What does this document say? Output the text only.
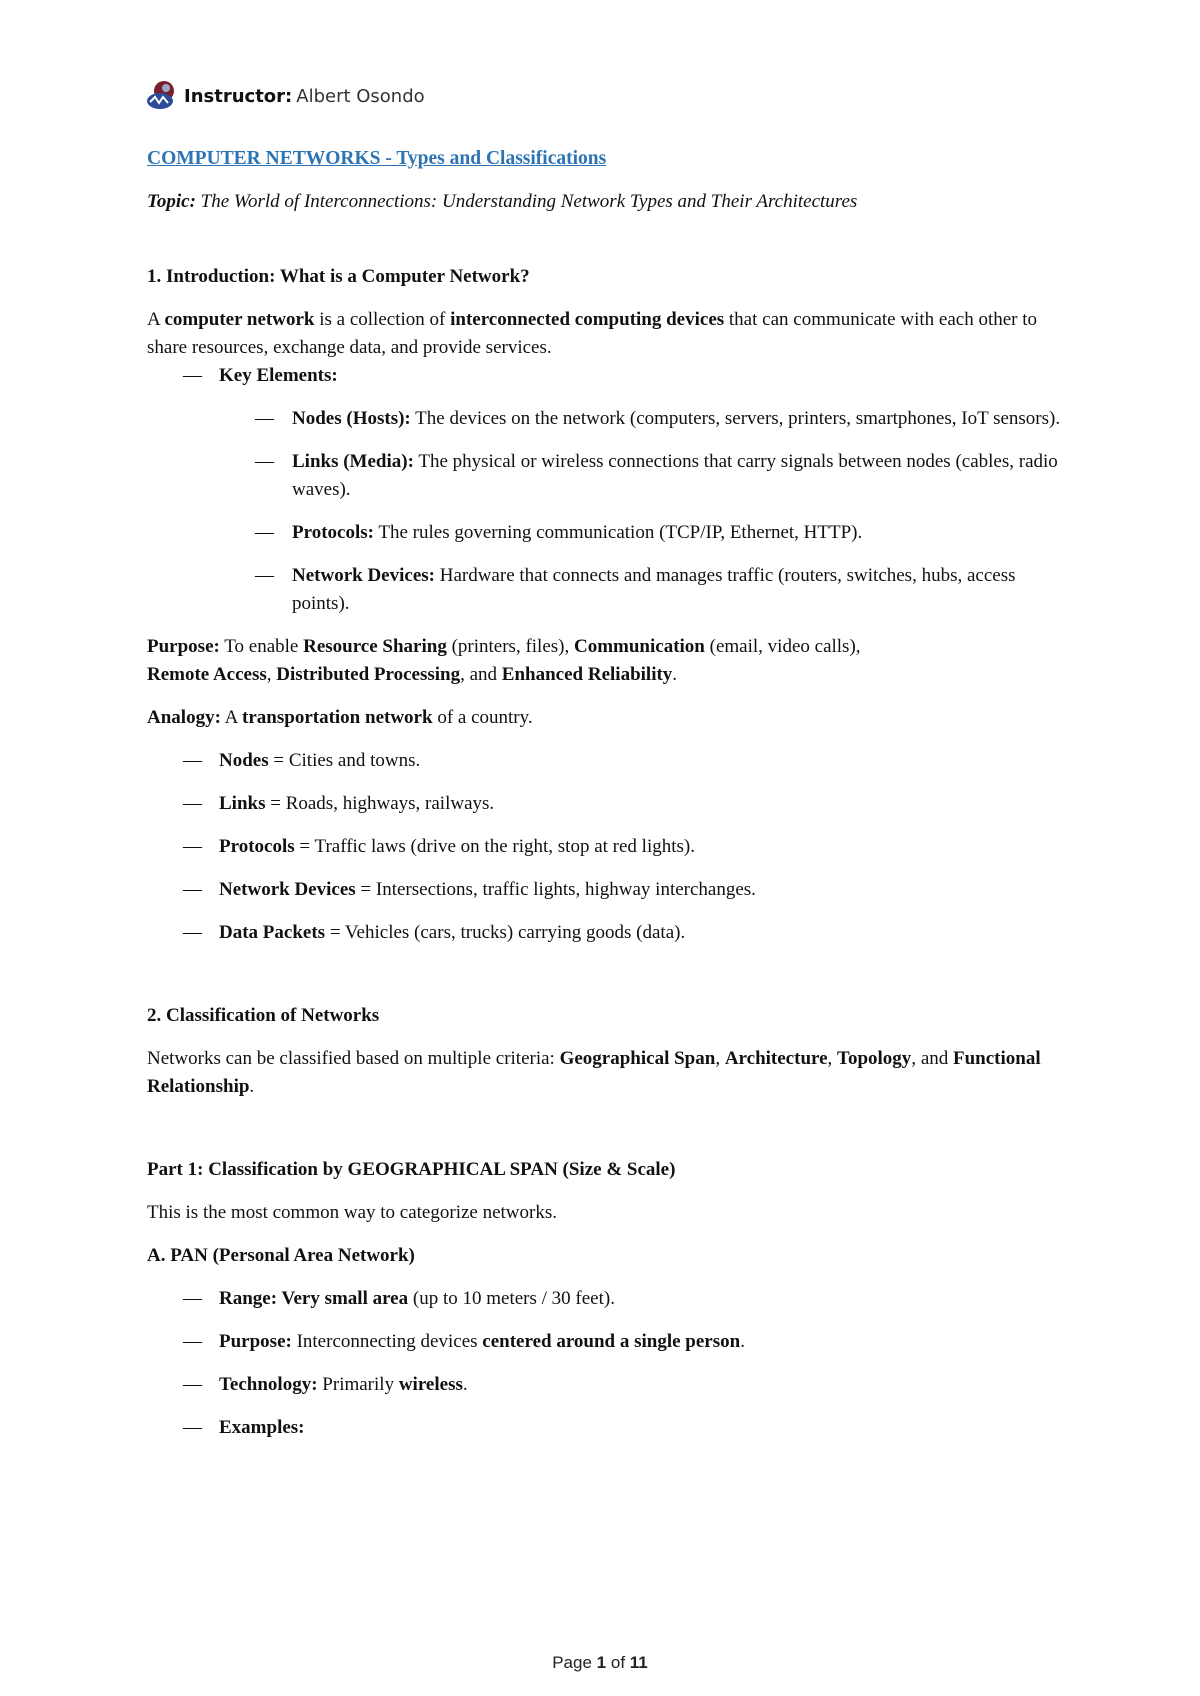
Instructor: Albert Osondo

COMPUTER NETWORKS - Types and Classifications

Topic: The World of Interconnections: Understanding Network Types and Their Architectures

1. Introduction: What is a Computer Network?

A computer network is a collection of interconnected computing devices that can communicate with each other to share resources, exchange data, and provide services.

— Key Elements:
— Nodes (Hosts): The devices on the network (computers, servers, printers, smartphones, IoT sensors).
— Links (Media): The physical or wireless connections that carry signals between nodes (cables, radio waves).
— Protocols: The rules governing communication (TCP/IP, Ethernet, HTTP).
— Network Devices: Hardware that connects and manages traffic (routers, switches, hubs, access points).

Purpose: To enable Resource Sharing (printers, files), Communication (email, video calls), Remote Access, Distributed Processing, and Enhanced Reliability.

Analogy: A transportation network of a country.

— Nodes = Cities and towns.
— Links = Roads, highways, railways.
— Protocols = Traffic laws (drive on the right, stop at red lights).
— Network Devices = Intersections, traffic lights, highway interchanges.
— Data Packets = Vehicles (cars, trucks) carrying goods (data).
2. Classification of Networks

Networks can be classified based on multiple criteria: Geographical Span, Architecture, Topology, and Functional Relationship.

Part 1: Classification by GEOGRAPHICAL SPAN (Size & Scale)

This is the most common way to categorize networks.

A. PAN (Personal Area Network)

— Range: Very small area (up to 10 meters / 30 feet).
— Purpose: Interconnecting devices centered around a single person.
— Technology: Primarily wireless.
— Examples:
Page 1 of 11
